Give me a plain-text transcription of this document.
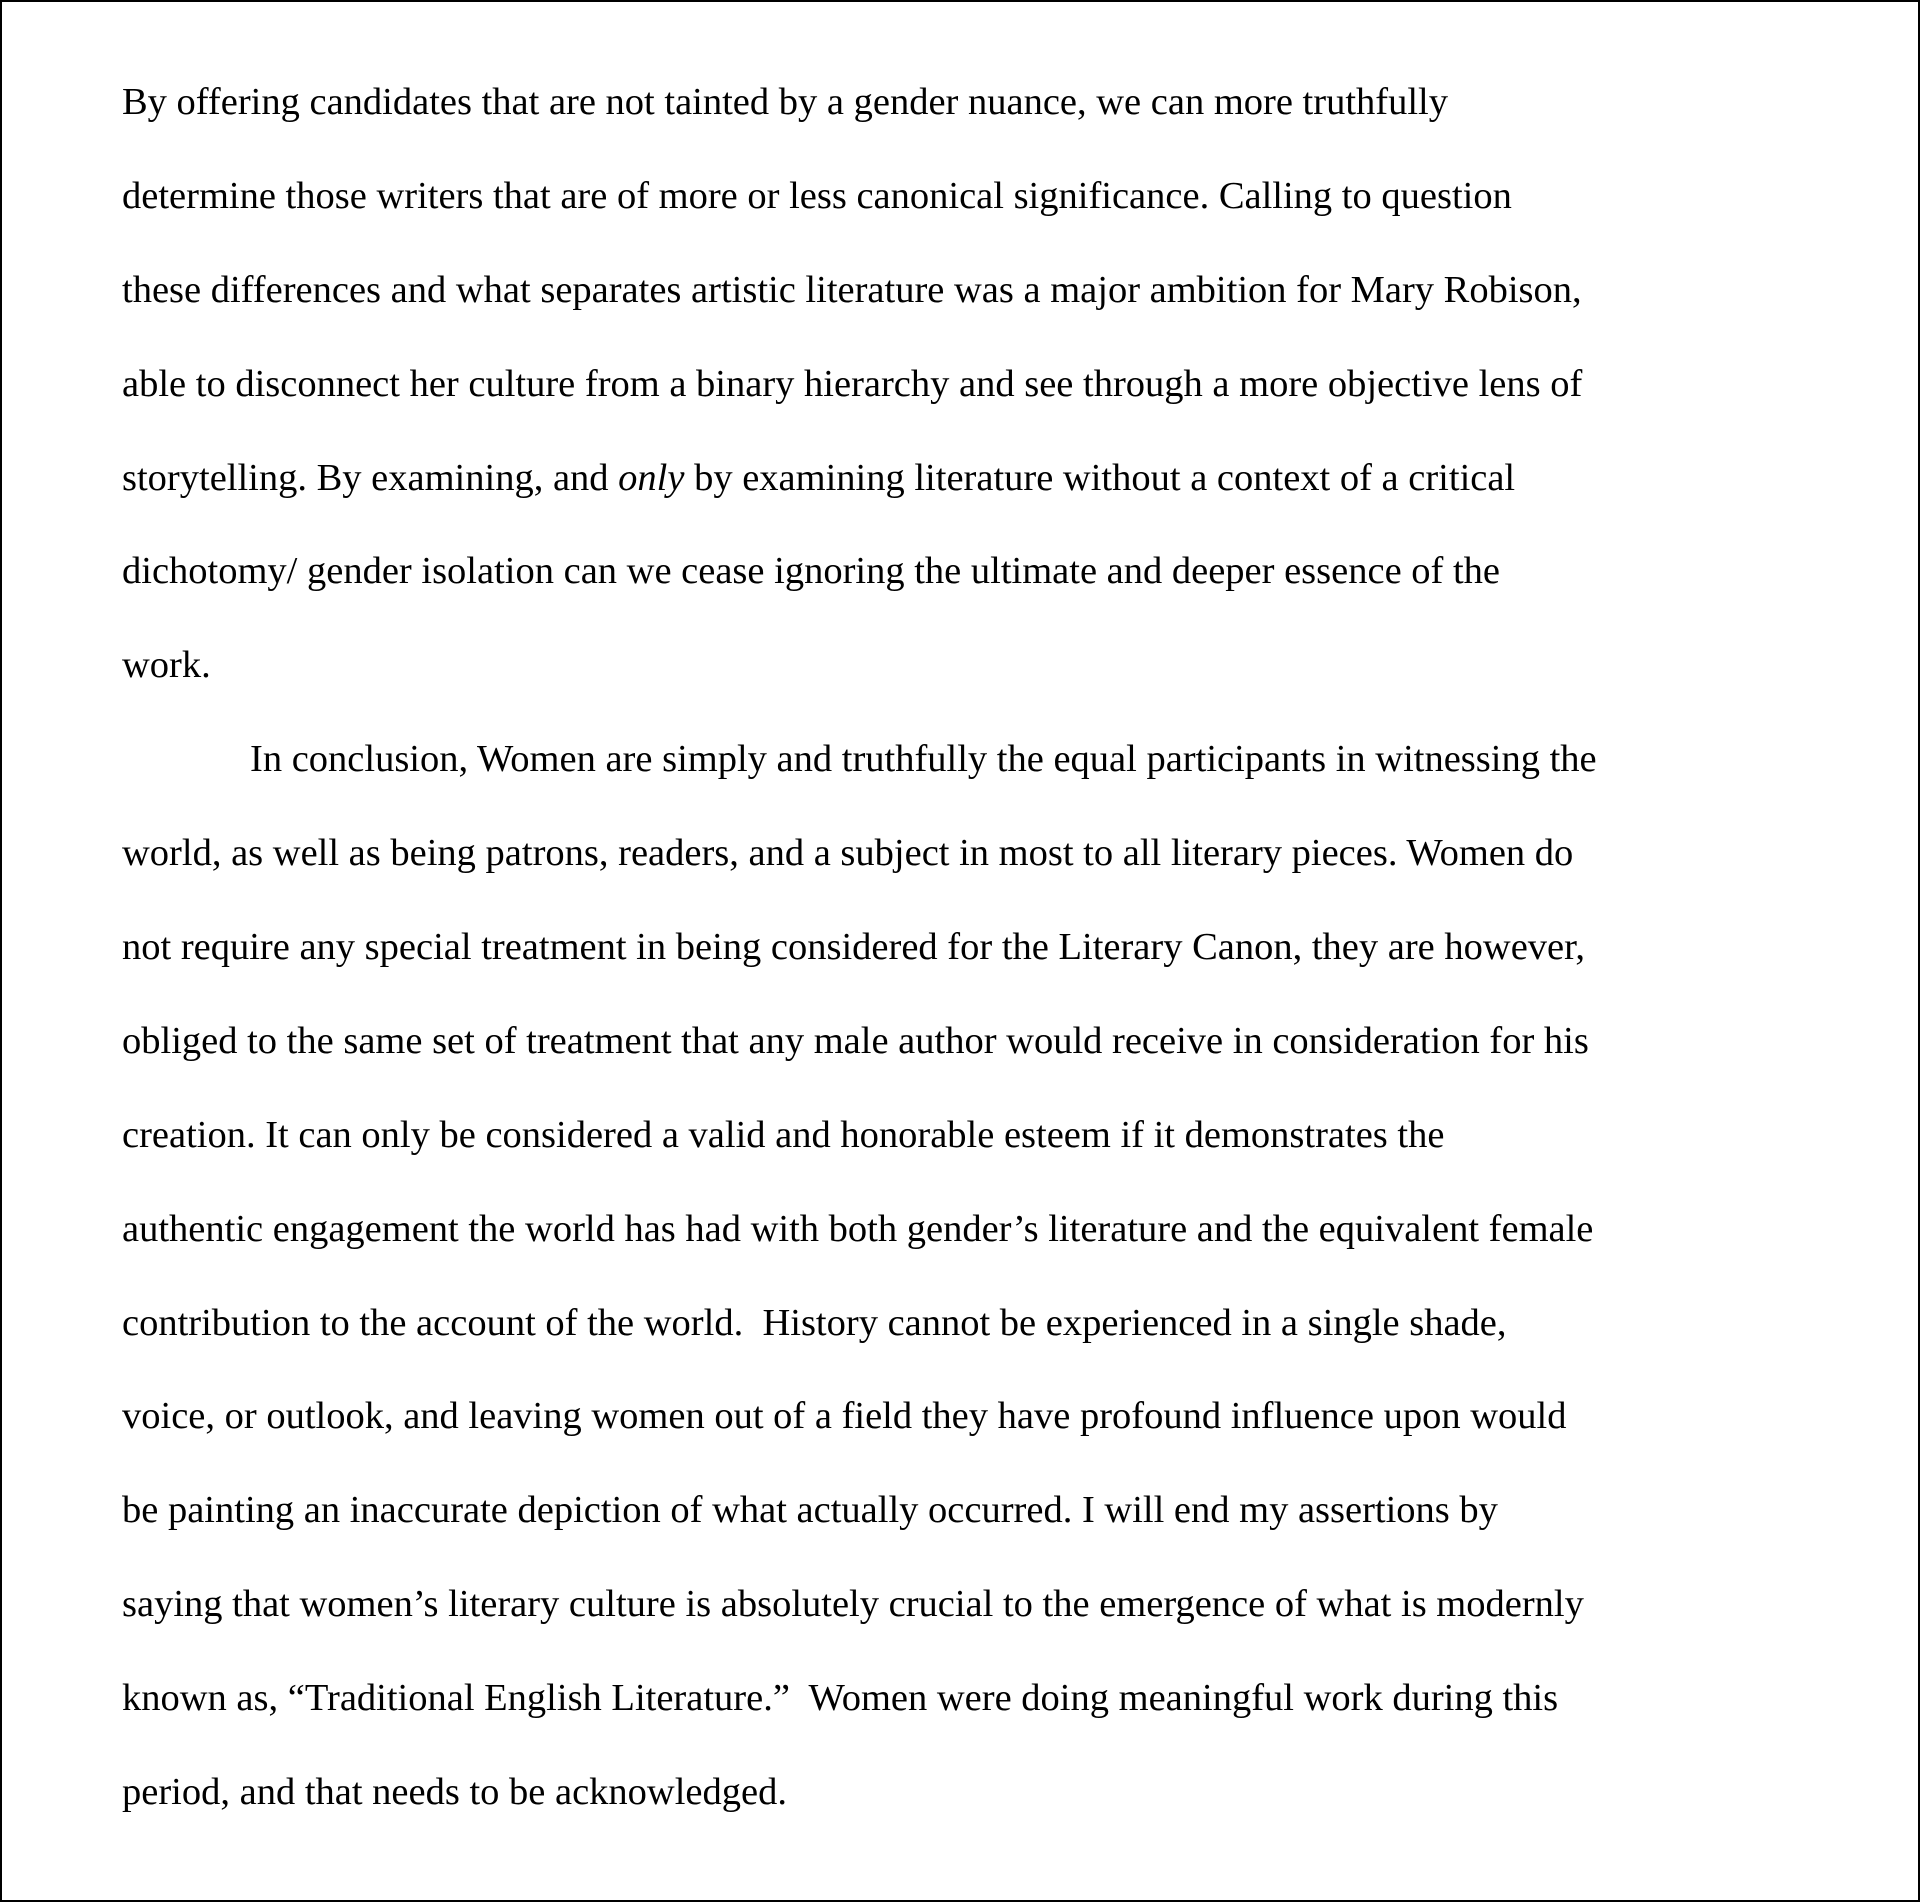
By offering candidates that are not tainted by a gender nuance, we can more truthfully
determine those writers that are of more or less canonical significance. Calling to question
these differences and what separates artistic literature was a major ambition for Mary Robison,
able to disconnect her culture from a binary hierarchy and see through a more objective lens of
storytelling. By examining, and only by examining literature without a context of a critical
dichotomy/ gender isolation can we cease ignoring the ultimate and deeper essence of the
work.
In conclusion, Women are simply and truthfully the equal participants in witnessing the
world, as well as being patrons, readers, and a subject in most to all literary pieces. Women do
not require any special treatment in being considered for the Literary Canon, they are however,
obliged to the same set of treatment that any male author would receive in consideration for his
creation. It can only be considered a valid and honorable esteem if it demonstrates the
authentic engagement the world has had with both gender’s literature and the equivalent female
contribution to the account of the world.  History cannot be experienced in a single shade,
voice, or outlook, and leaving women out of a field they have profound influence upon would
be painting an inaccurate depiction of what actually occurred. I will end my assertions by
saying that women’s literary culture is absolutely crucial to the emergence of what is modernly
known as, “Traditional English Literature.”  Women were doing meaningful work during this
period, and that needs to be acknowledged.
